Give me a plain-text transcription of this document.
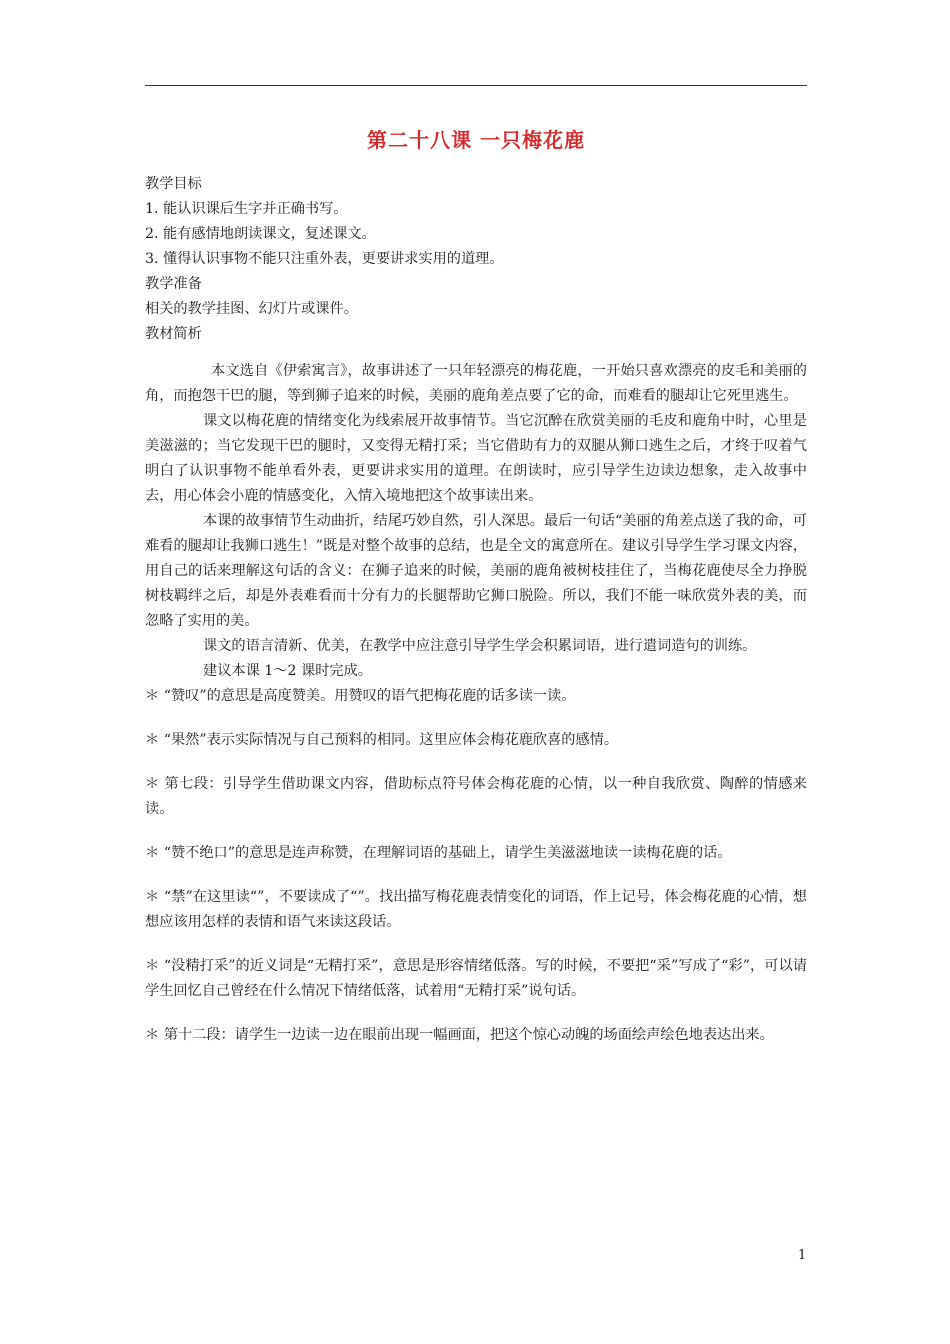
第二十八课 一只梅花鹿
教学目标
1. 能认识课后生字并正确书写。
2. 能有感情地朗读课文，复述课文。
3. 懂得认识事物不能只注重外表，更要讲求实用的道理。
教学准备
相关的教学挂图、幻灯片或课件。
教材简析

本文选自《伊索寓言》，故事讲述了一只年轻漂亮的梅花鹿，一开始只喜欢漂亮的皮毛和美丽的角，而抱怨干巴的腿，等到狮子追来的时候，美丽的鹿角差点要了它的命，而难看的腿却让它死里逃生。

课文以梅花鹿的情绪变化为线索展开故事情节。当它沉醉在欣赏美丽的毛皮和鹿角中时，心里是美滋滋的；当它发现干巴的腿时，又变得无精打采；当它借助有力的双腿从狮口逃生之后，才终于叹着气明白了认识事物不能单看外表，更要讲求实用的道理。在朗读时，应引导学生边读边想象，走入故事中去，用心体会小鹿的情感变化，入情入境地把这个故事读出来。

本课的故事情节生动曲折，结尾巧妙自然，引人深思。最后一句话“美丽的角差点送了我的命，可难看的腿却让我狮口逃生！”既是对整个故事的总结，也是全文的寓意所在。建议引导学生学习课文内容，用自己的话来理解这句话的含义：在狮子追来的时候，美丽的鹿角被树枝挂住了，当梅花鹿使尽全力挣脱树枝羁绊之后，却是外表难看而十分有力的长腿帮助它狮口脱险。所以，我们不能一味欣赏外表的美，而忽略了实用的美。

课文的语言清新、优美，在教学中应注意引导学生学会积累词语，进行遣词造句的训练。

建议本课 1～2 课时完成。

＊ “赞叹”的意思是高度赞美。用赞叹的语气把梅花鹿的话多读一读。

＊ “果然”表示实际情况与自己预料的相同。这里应体会梅花鹿欣喜的感情。

＊ 第七段：引导学生借助课文内容，借助标点符号体会梅花鹿的心情，以一种自我欣赏、陶醉的情感来读。

＊ “赞不绝口”的意思是连声称赞，在理解词语的基础上，请学生美滋滋地读一读梅花鹿的话。

＊ “禁”在这里读“”，不要读成了“”。找出描写梅花鹿表情变化的词语，作上记号，体会梅花鹿的心情，想想应该用怎样的表情和语气来读这段话。

＊ “没精打采”的近义词是“无精打采”，意思是形容情绪低落。写的时候，不要把“采”写成了“彩”，可以请学生回忆自己曾经在什么情况下情绪低落，试着用“无精打采”说句话。

＊ 第十二段：请学生一边读一边在眼前出现一幅画面，把这个惊心动魄的场面绘声绘色地表达出来。

1
